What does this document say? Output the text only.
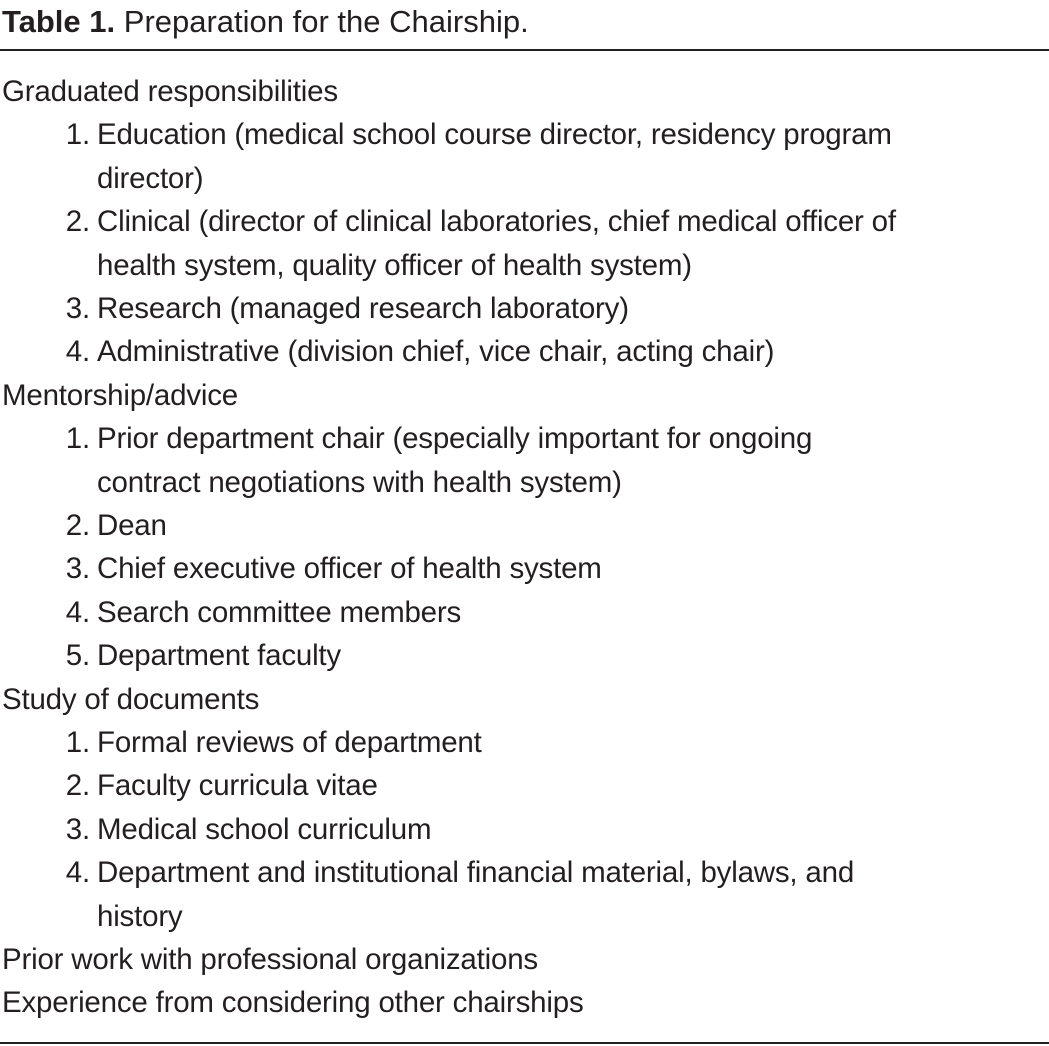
Table 1. Preparation for the Chairship.
Graduated responsibilities
1. Education (medical school course director, residency program
director)
2. Clinical (director of clinical laboratories, chief medical officer of
health system, quality officer of health system)
3. Research (managed research laboratory)
4. Administrative (division chief, vice chair, acting chair)
Mentorship/advice
1. Prior department chair (especially important for ongoing
contract negotiations with health system)
2. Dean
3. Chief executive officer of health system
4. Search committee members
5. Department faculty
Study of documents
1. Formal reviews of department
2. Faculty curricula vitae
3. Medical school curriculum
4. Department and institutional financial material, bylaws, and
history
Prior work with professional organizations
Experience from considering other chairships
